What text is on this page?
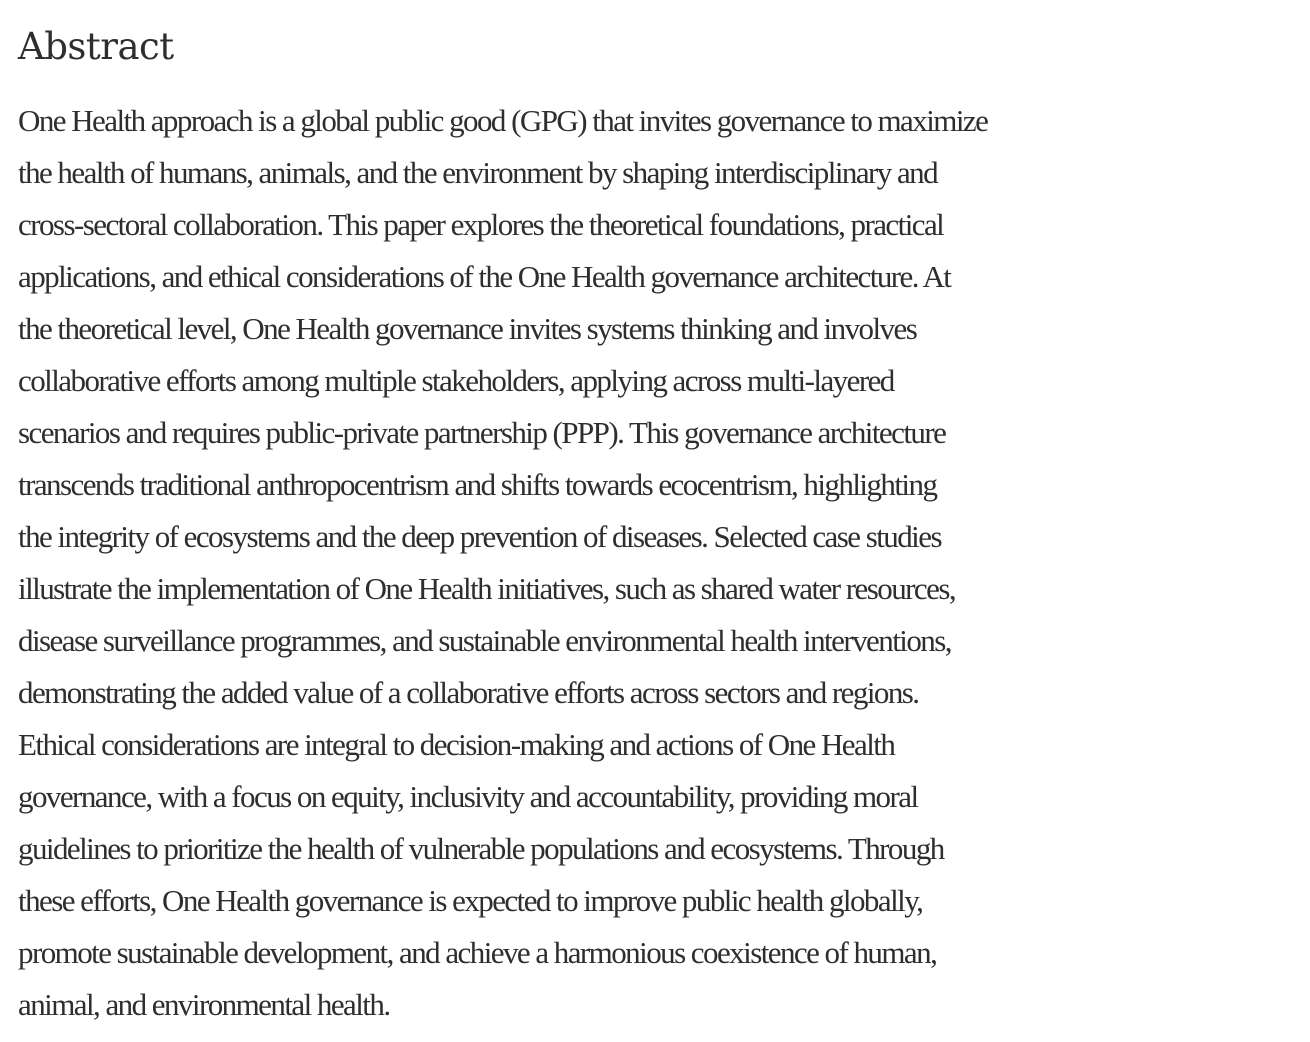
Abstract
One Health approach is a global public good (GPG) that invites governance to maximize
the health of humans, animals, and the environment by shaping interdisciplinary and
cross-sectoral collaboration. This paper explores the theoretical foundations, practical
applications, and ethical considerations of the One Health governance architecture. At
the theoretical level, One Health governance invites systems thinking and involves
collaborative efforts among multiple stakeholders, applying across multi-layered
scenarios and requires public-private partnership (PPP). This governance architecture
transcends traditional anthropocentrism and shifts towards ecocentrism, highlighting
the integrity of ecosystems and the deep prevention of diseases. Selected case studies
illustrate the implementation of One Health initiatives, such as shared water resources,
disease surveillance programmes, and sustainable environmental health interventions,
demonstrating the added value of a collaborative efforts across sectors and regions.
Ethical considerations are integral to decision-making and actions of One Health
governance, with a focus on equity, inclusivity and accountability, providing moral
guidelines to prioritize the health of vulnerable populations and ecosystems. Through
these efforts, One Health governance is expected to improve public health globally,
promote sustainable development, and achieve a harmonious coexistence of human,
animal, and environmental health.
